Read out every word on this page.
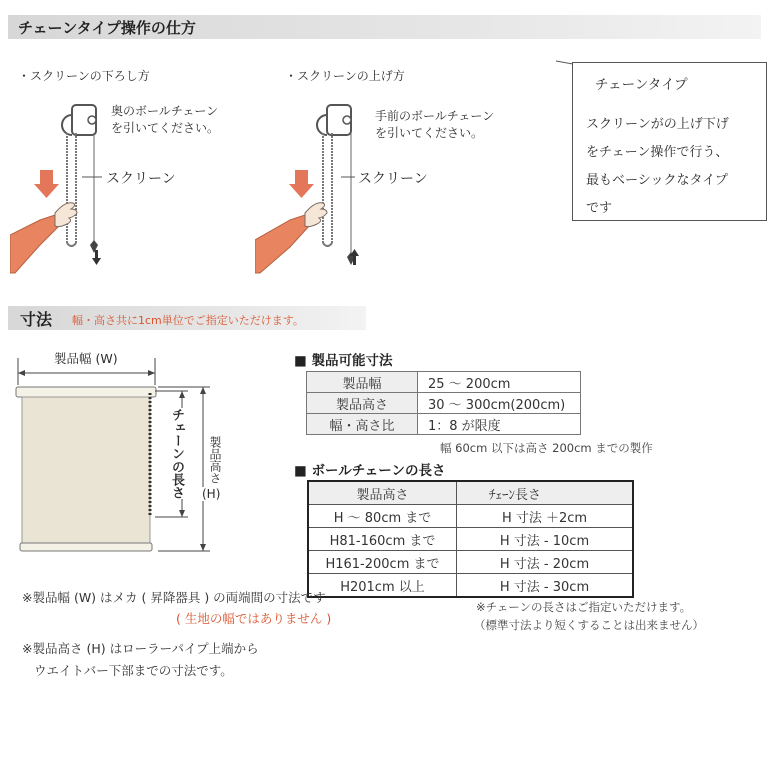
チェーンタイプ操作の仕方
・スクリーンの下ろし方
奥のボールチェーン
を引いてください。
スクリーン
・スクリーンの上げ方
手前のボールチェーン
を引いてください。
スクリーン
チェーンタイプ
スクリーンがの上げ下げ
をチェーン操作で行う、
最もベーシックなタイプ
です
寸法 幅・高さ共に1cm単位でご指定いただけます。
製品幅 (W)
チェーンの長さ 製品高さ
(H)
■ 製品可能寸法
製品幅	25 〜 200cm
製品高さ	30 〜 300cm(200cm)
幅・高さ比	1：8 が限度
幅 60cm 以下は高さ 200cm までの製作
■ ボールチェーンの長さ
製品高さ	ﾁｪｰﾝ長さ
H 〜 80cm まで	H 寸法 ＋2cm
H81-160cm まで	H 寸法 - 10cm
H161-200cm まで	H 寸法 - 20cm
H201cm 以上	H 寸法 - 30cm
※チェーンの長さはご指定いただけます。
（標準寸法より短くすることは出来ません）
※製品幅 (W) はメカ ( 昇降器具 ) の両端間の寸法です
( 生地の幅ではありません )
※製品高さ (H) はローラーパイプ上端から
ウエイトバー下部までの寸法です。
